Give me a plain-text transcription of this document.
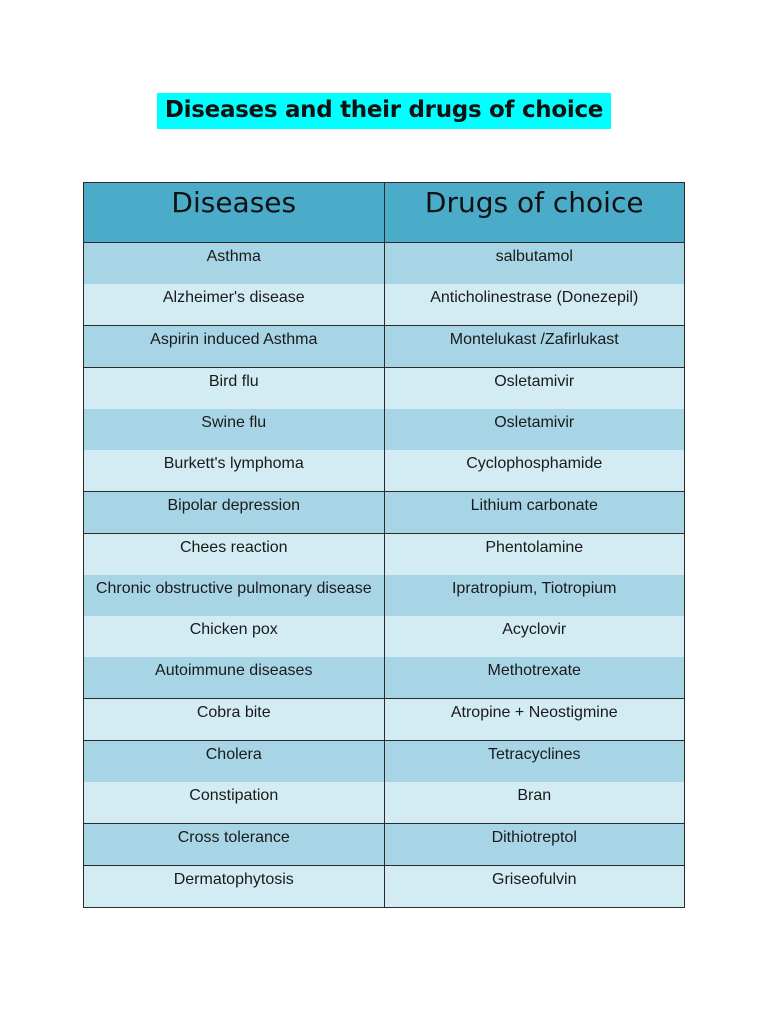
Diseases and their drugs of choice
Diseases	Drugs of choice
Asthma	salbutamol
Alzheimer's disease	Anticholinestrase (Donezepil)
Aspirin induced Asthma	Montelukast /Zafirlukast
Bird flu	Osletamivir
Swine flu	Osletamivir
Burkett's lymphoma	Cyclophosphamide
Bipolar depression	Lithium carbonate
Chees reaction	Phentolamine
Chronic obstructive pulmonary disease	Ipratropium, Tiotropium
Chicken pox	Acyclovir
Autoimmune diseases	Methotrexate
Cobra bite	Atropine + Neostigmine
Cholera	Tetracyclines
Constipation	Bran
Cross tolerance	Dithiotreptol
Dermatophytosis	Griseofulvin
